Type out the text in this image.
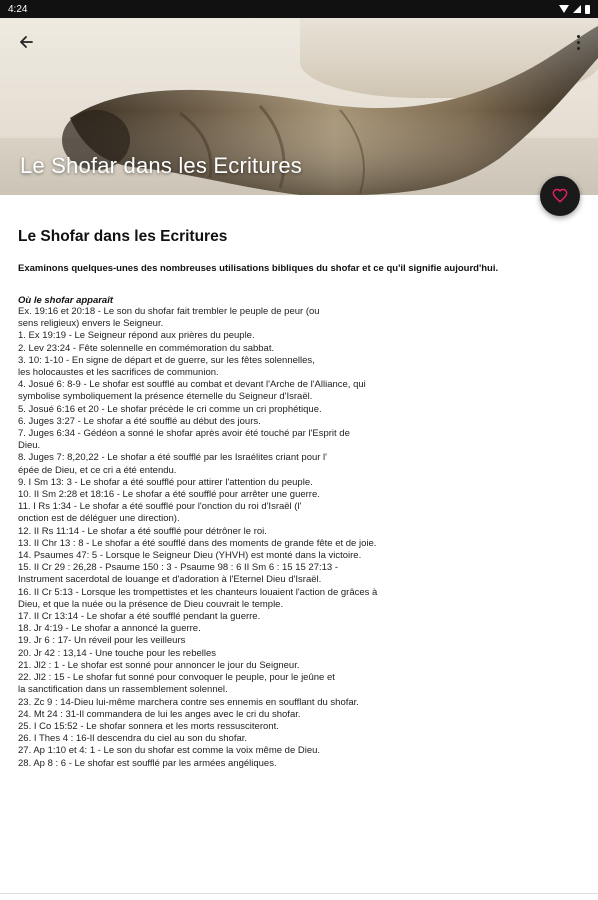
4:24
Le Shofar dans les Ecritures
Le Shofar dans les Ecritures

Examinons quelques-unes des nombreuses utilisations bibliques du shofar et ce qu'il signifie aujourd'hui.

Où le shofar apparaît
Ex. 19:16 et 20:18 - Le son du shofar fait trembler le peuple de peur (ou
sens religieux) envers le Seigneur.
1. Ex 19:19 - Le Seigneur répond aux prières du peuple.
2. Lev 23:24 - Fête solennelle en commémoration du sabbat.
3. 10: 1-10 - En signe de départ et de guerre, sur les fêtes solennelles,
les holocaustes et les sacrifices de communion.
4. Josué 6: 8-9 - Le shofar est soufflé au combat et devant l'Arche de l'Alliance, qui
symbolise symboliquement la présence éternelle du Seigneur d'Israël.
5. Josué 6:16 et 20 - Le shofar précède le cri comme un cri prophétique.
6. Juges 3:27 - Le shofar a été soufflé au début des jours.
7. Juges 6:34 - Gédéon a sonné le shofar après avoir été touché par l'Esprit de
Dieu.
8. Juges 7: 8,20,22 - Le shofar a été soufflé par les Israélites criant pour l'
épée de Dieu, et ce cri a été entendu.
9. I Sm 13: 3 - Le shofar a été soufflé pour attirer l'attention du peuple.
10. II Sm 2:28 et 18:16 - Le shofar a été soufflé pour arrêter une guerre.
11. I Rs 1:34 - Le shofar a été soufflé pour l'onction du roi d'Israël (l'
onction est de déléguer une direction).
12. II Rs 11:14 - Le shofar a été soufflé pour détrôner le roi.
13. II Chr 13 : 8 - Le shofar a été soufflé dans des moments de grande fête et de joie.
14. Psaumes 47: 5 - Lorsque le Seigneur Dieu (YHVH) est monté dans la victoire.
15. II Cr 29 : 26,28 - Psaume 150 : 3 - Psaume 98 : 6 II Sm 6 : 15 15 27:13 -
Instrument sacerdotal de louange et d'adoration à l'Eternel Dieu d'Israël.
16. II Cr 5:13 - Lorsque les trompettistes et les chanteurs louaient l'action de grâces à
Dieu, et que la nuée ou la présence de Dieu couvrait le temple.
17. II Cr 13:14 - Le shofar a été soufflé pendant la guerre.
18. Jr 4:19 - Le shofar a annoncé la guerre.
19. Jr 6 : 17- Un réveil pour les veilleurs
20. Jr 42 : 13,14 - Une touche pour les rebelles
21. Jl2 : 1 - Le shofar est sonné pour annoncer le jour du Seigneur.
22. Jl2 : 15 - Le shofar fut sonné pour convoquer le peuple, pour le jeûne et
la sanctification dans un rassemblement solennel.
23. Zc 9 : 14-Dieu lui-même marchera contre ses ennemis en soufflant du shofar.
24. Mt 24 : 31-Il commandera de lui les anges avec le cri du shofar.
25. I Co 15:52 - Le shofar sonnera et les morts ressusciteront.
26. I Thes 4 : 16-Il descendra du ciel au son du shofar.
27. Ap 1:10 et 4: 1 - Le son du shofar est comme la voix même de Dieu.
28. Ap 8 : 6 - Le shofar est soufflé par les armées angéliques.
